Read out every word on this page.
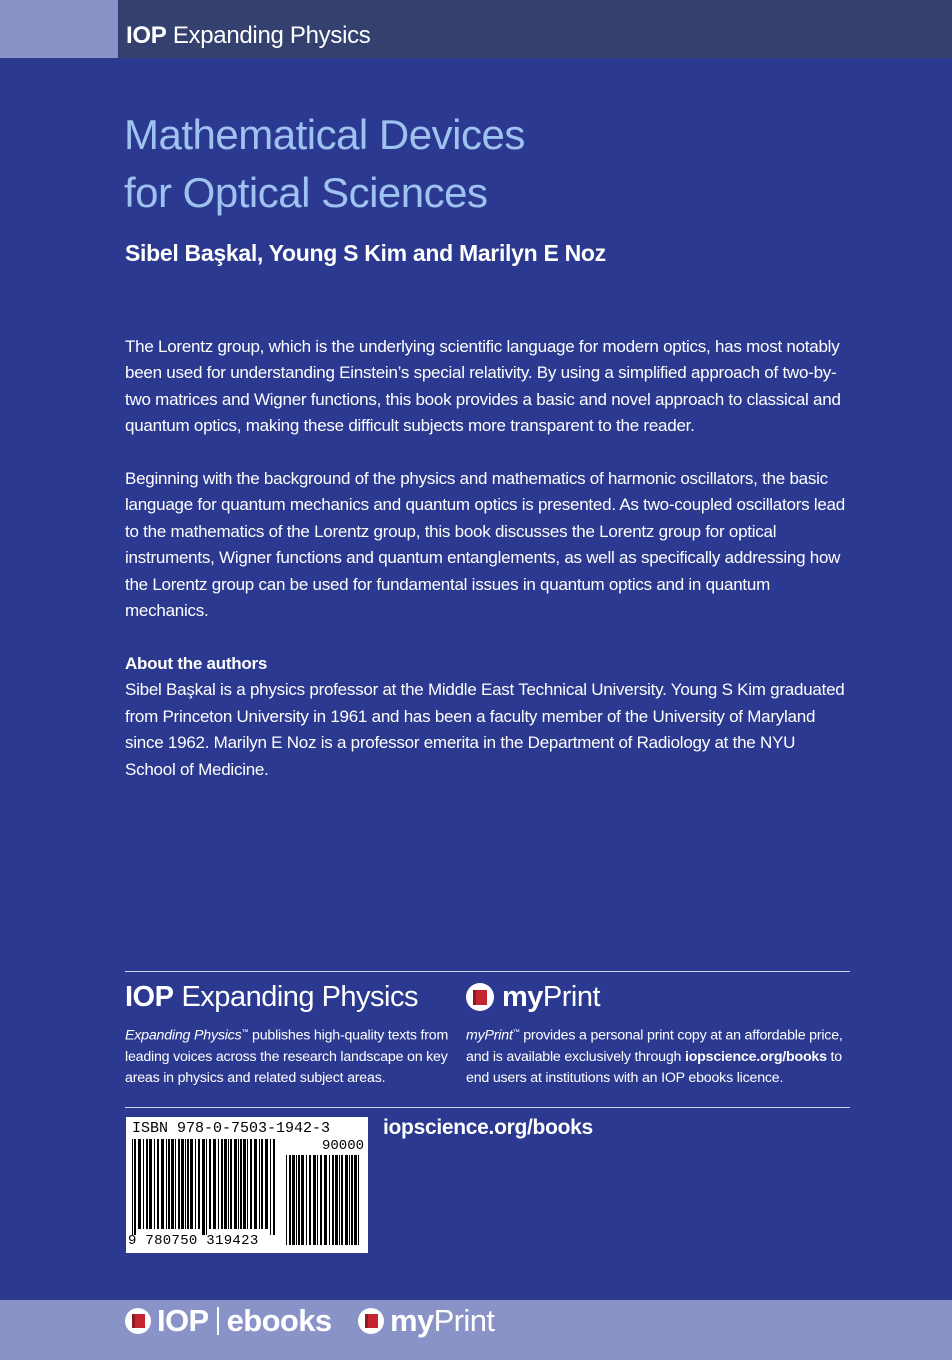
IOP Expanding Physics
Mathematical Devices
for Optical Sciences
Sibel Başkal, Young S Kim and Marilyn E Noz
The Lorentz group, which is the underlying scientific language for modern optics, has most notably been used for understanding Einstein’s special relativity. By using a simplified approach of two-by-two matrices and Wigner functions, this book provides a basic and novel approach to classical and quantum optics, making these difficult subjects more transparent to the reader.
Beginning with the background of the physics and mathematics of harmonic oscillators, the basic language for quantum mechanics and quantum optics is presented. As two-coupled oscillators lead to the mathematics of the Lorentz group, this book discusses the Lorentz group for optical instruments, Wigner functions and quantum entanglements, as well as specifically addressing how the Lorentz group can be used for fundamental issues in quantum optics and in quantum mechanics.
About the authors
Sibel Başkal is a physics professor at the Middle East Technical University. Young S Kim graduated from Princeton University in 1961 and has been a faculty member of the University of Maryland since 1962. Marilyn E Noz is a professor emerita in the Department of Radiology at the NYU School of Medicine.
IOP Expanding Physics
Expanding Physics™ publishes high-quality texts from leading voices across the research landscape on key areas in physics and related subject areas.
my Print
myPrint™ provides a personal print copy at an affordable price, and is available exclusively through iopscience.org/books to end users at institutions with an IOP ebooks licence.
ISBN 978-0-7503-1942-3
90000
9 780750 319423
iopscience.org/books
IOP ebooks my Print
